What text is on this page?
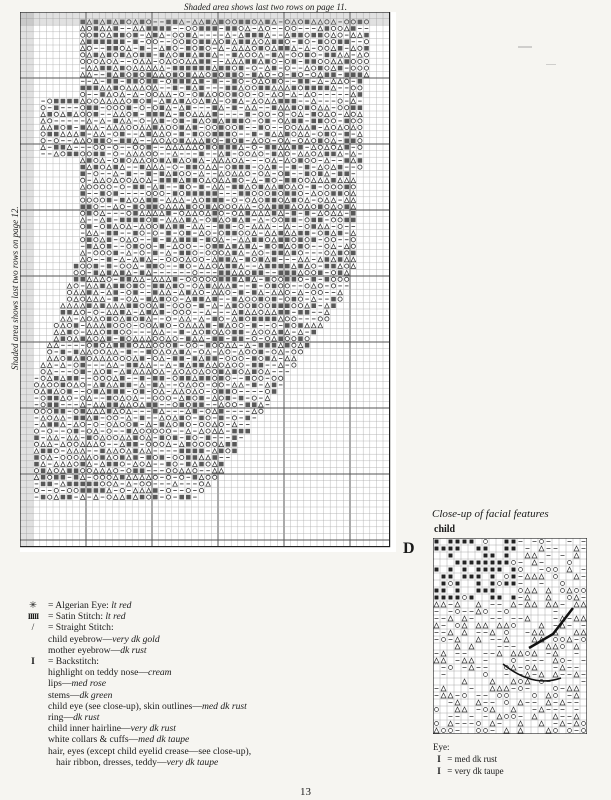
Shaded area shows last two rows on page 11.
Shaded area shows last two rows on page 12.
D
Close-up of facial features
child
Eye:
I = med dk rust
I = very dk taupe
✳	= Algerian Eye:
lt red
IIIII	= Satin Stitch:
lt red
/	= Straight Stitch:
child eyebrow—very dk gold
mother eyebrow—dk rust
I	= Backstitch:
highlight on teddy nose—cream
lips—med rose
stems—dk green
child eye (see close-up), skin outlines—med dk rust
ring—dk rust
child inner hairline—very dk rust
white collars & cuffs—med dk taupe
hair, eyes (except child eyelid crease—see close-up),
hair ribbon, dresses, teddy—very dk taupe
13
